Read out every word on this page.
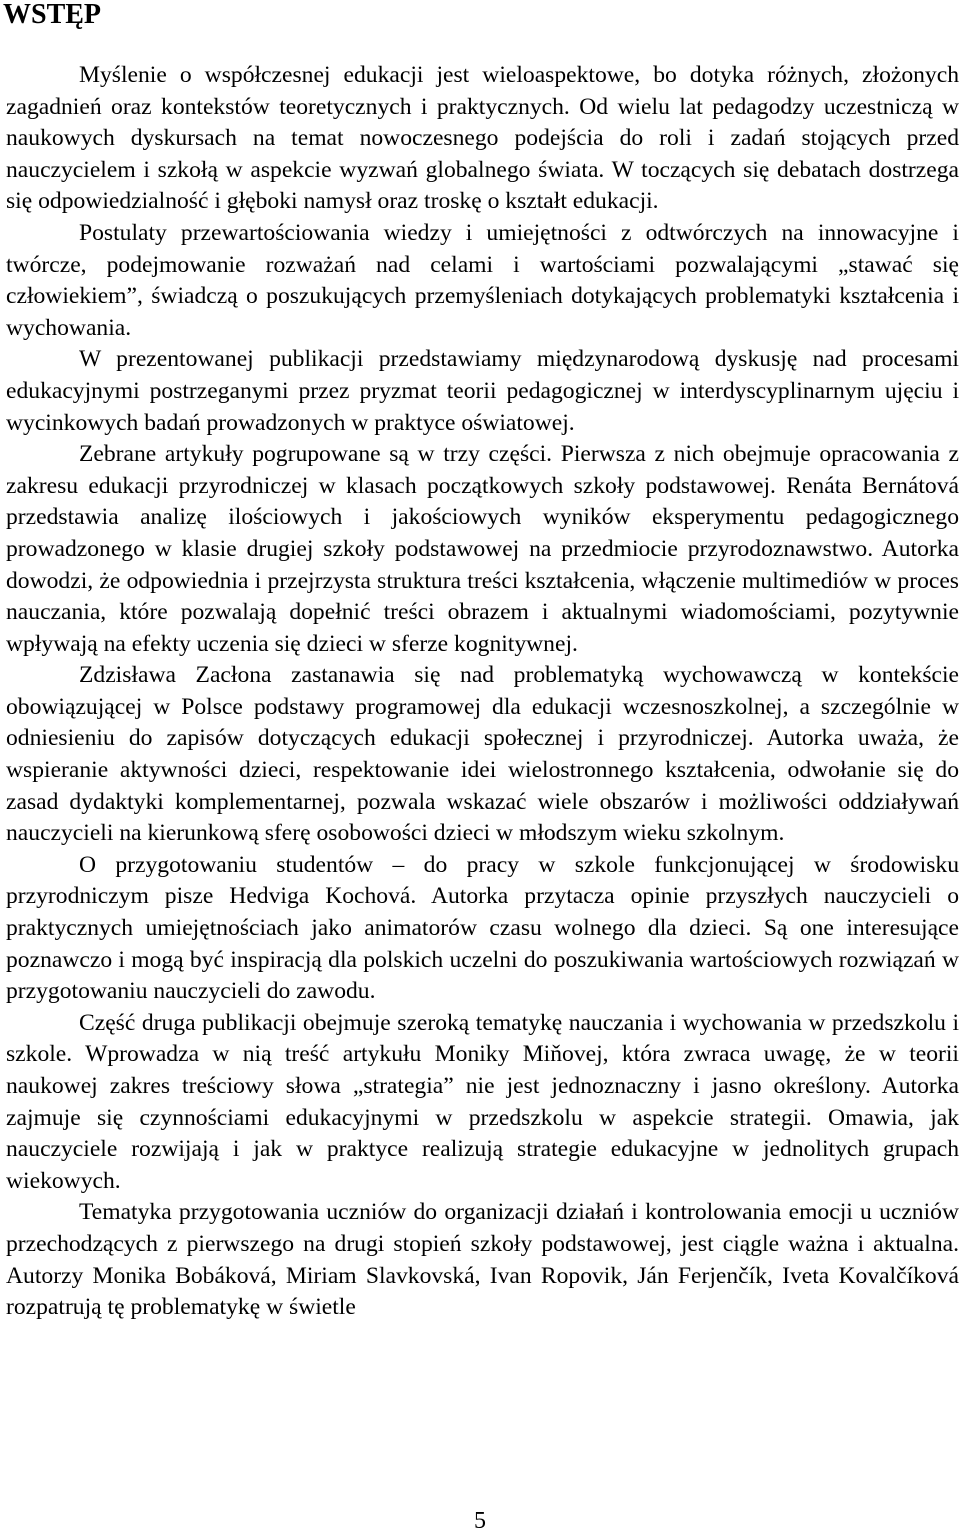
WSTĘP

Myślenie o współczesnej edukacji jest wieloaspektowe, bo dotyka różnych, złożonych zagadnień oraz kontekstów teoretycznych i praktycznych. Od wielu lat pedagodzy uczestniczą w naukowych dyskursach na temat nowoczesnego podejścia do roli i zadań stojących przed nauczycielem i szkołą w aspekcie wyzwań globalnego świata. W toczących się debatach dostrzega się odpowiedzialność i głęboki namysł oraz troskę o kształt edukacji.

Postulaty przewartościowania wiedzy i umiejętności z odtwórczych na innowacyjne i twórcze, podejmowanie rozważań nad celami i wartościami pozwalającymi „stawać się człowiekiem”, świadczą o poszukujących przemyśleniach dotykających problematyki kształcenia i wychowania.

W prezentowanej publikacji przedstawiamy międzynarodową dyskusję nad procesami edukacyjnymi postrzeganymi przez pryzmat teorii pedagogicznej w interdyscyplinarnym ujęciu i wycinkowych badań prowadzonych w praktyce oświatowej.

Zebrane artykuły pogrupowane są w trzy części. Pierwsza z nich obejmuje opracowania z zakresu edukacji przyrodniczej w klasach początkowych szkoły podstawowej. Renáta Bernátová przedstawia analizę ilościowych i jakościowych wyników eksperymentu pedagogicznego prowadzonego w klasie drugiej szkoły podstawowej na przedmiocie przyrodoznawstwo. Autorka dowodzi, że odpowiednia i przejrzysta struktura treści kształcenia, włączenie multimediów w proces nauczania, które pozwalają dopełnić treści obrazem i aktualnymi wiadomościami, pozytywnie wpływają na efekty uczenia się dzieci w sferze kognitywnej.

Zdzisława Zacłona zastanawia się nad problematyką wychowawczą w kontekście obowiązującej w Polsce podstawy programowej dla edukacji wczesnoszkolnej, a szczególnie w odniesieniu do zapisów dotyczących edukacji społecznej i przyrodniczej. Autorka uważa, że wspieranie aktywności dzieci, respektowanie idei wielostronnego kształcenia, odwołanie się do zasad dydaktyki komplementarnej, pozwala wskazać wiele obszarów i możliwości oddziaływań nauczycieli na kierunkową sferę osobowości dzieci w młodszym wieku szkolnym.

O przygotowaniu studentów – do pracy w szkole funkcjonującej w środowisku przyrodniczym pisze Hedviga Kochová. Autorka przytacza opinie przyszłych nauczycieli o praktycznych umiejętnościach jako animatorów czasu wolnego dla dzieci. Są one interesujące poznawczo i mogą być inspiracją dla polskich uczelni do poszukiwania wartościowych rozwiązań w przygotowaniu nauczycieli do zawodu.

Część druga publikacji obejmuje szeroką tematykę nauczania i wychowania w przedszkolu i szkole. Wprowadza w nią treść artykułu Moniky Miňovej, która zwraca uwagę, że w teorii naukowej zakres treściowy słowa „strategia” nie jest jednoznaczny i jasno określony. Autorka zajmuje się czynnościami edukacyjnymi w przedszkolu w aspekcie strategii. Omawia, jak nauczyciele rozwijają i jak w praktyce realizują strategie edukacyjne w jednolitych grupach wiekowych.

Tematyka przygotowania uczniów do organizacji działań i kontrolowania emocji u uczniów przechodzących z pierwszego na drugi stopień szkoły podstawowej, jest ciągle ważna i aktualna. Autorzy Monika Bobáková, Miriam Slavkovská, Ivan Ropovik, Ján Ferjenčík, Iveta Kovalčíková rozpatrują tę problematykę w świetle

5
